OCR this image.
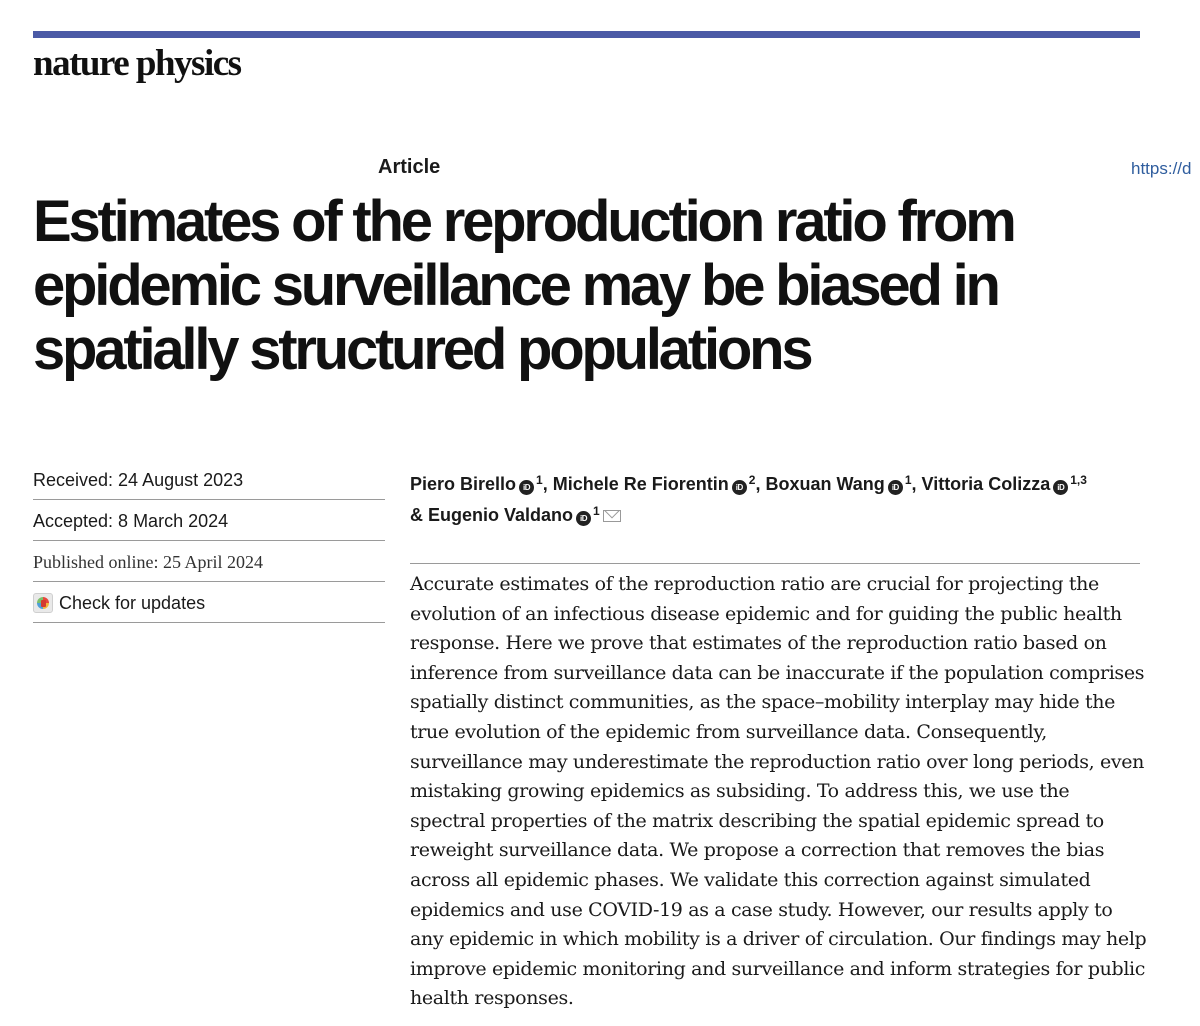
nature physics
Article	https://d
Estimates of the reproduction ratio from epidemic surveillance may be biased in spatially structured populations
Received: 24 August 2023
Accepted: 8 March 2024
Published online: 25 April 2024
Check for updates
Piero Birello iD$^1$, Michele Re Fiorentin iD$^2$, Boxuan Wang iD$^1$, Vittoria Colizza iD$^{1,3}$
& Eugenio Valdano iD$^1$

Accurate estimates of the reproduction ratio are crucial for projecting the evolution of an infectious disease epidemic and for guiding the public health response. Here we prove that estimates of the reproduction ratio based on inference from surveillance data can be inaccurate if the population comprises spatially distinct communities, as the space–mobility interplay may hide the true evolution of the epidemic from surveillance data. Consequently, surveillance may underestimate the reproduction ratio over long periods, even mistaking growing epidemics as subsiding. To address this, we use the spectral properties of the matrix describing the spatial epidemic spread to reweight surveillance data. We propose a correction that removes the bias across all epidemic phases. We validate this correction against simulated epidemics and use COVID-19 as a case study. However, our results apply to any epidemic in which mobility is a driver of circulation. Our findings may help improve epidemic monitoring and surveillance and inform strategies for public health responses.
